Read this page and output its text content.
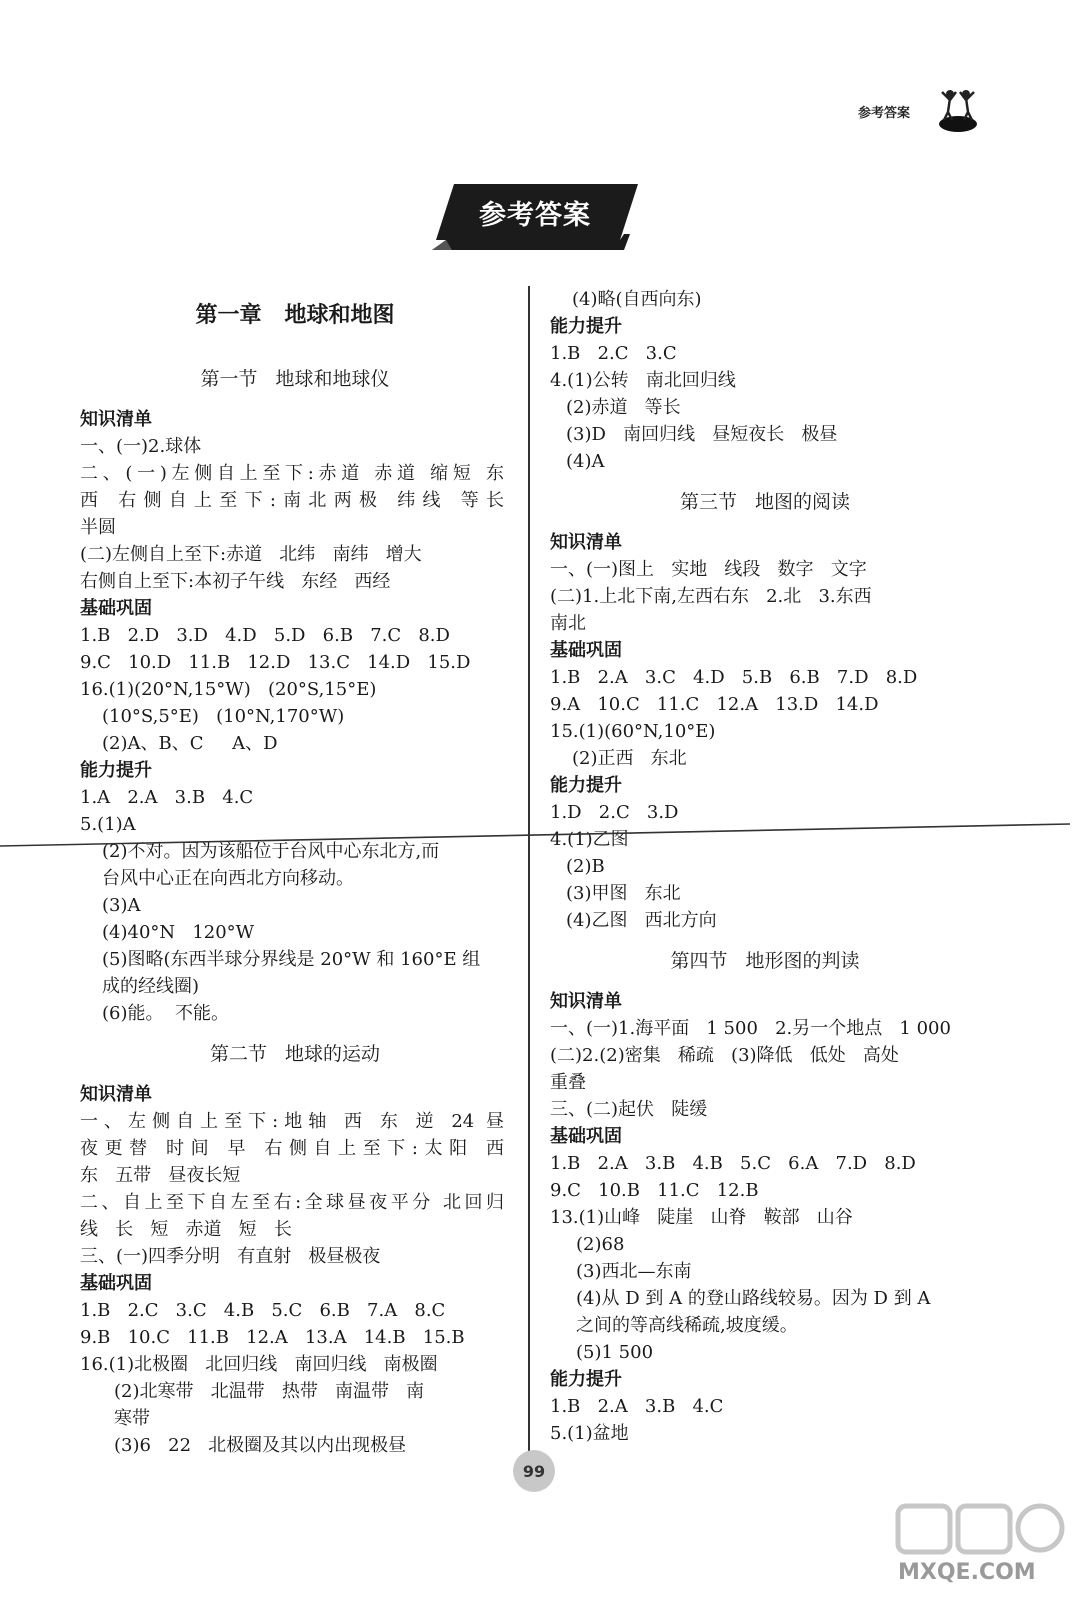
参考答案
参考答案
第一章   地球和地图
第一节   地球和地球仪
知识清单
一、(一)2.球体
二、(一)左侧自上至下:赤道 赤道 缩短 东
西 右侧自上至下:南北两极 纬线 等长
半圆
(二)左侧自上至下:赤道   北纬   南纬   增大
右侧自上至下:本初子午线   东经   西经
基础巩固
1.B   2.D   3.D   4.D   5.D   6.B   7.C   8.D
9.C   10.D   11.B   12.D   13.C   14.D   15.D
16.(1)(20°N,15°W)   (20°S,15°E)
(10°S,5°E)   (10°N,170°W)
(2)A、B、C     A、D
能力提升
1.A   2.A   3.B   4.C
5.(1)A
(2)不对。因为该船位于台风中心东北方,而
台风中心正在向西北方向移动。
(3)A
(4)40°N   120°W
(5)图略(东西半球分界线是 20°W 和 160°E 组
成的经线圈)
(6)能。  不能。
第二节   地球的运动
知识清单
一、左侧自上至下:地轴 西 东 逆 24 昼
夜更替 时间 早 右侧自上至下:太阳 西
东   五带   昼夜长短
二、自上至下自左至右:全球昼夜平分 北回归
线   长   短   赤道   短   长
三、(一)四季分明   有直射   极昼极夜
基础巩固
1.B   2.C   3.C   4.B   5.C   6.B   7.A   8.C
9.B   10.C   11.B   12.A   13.A   14.B   15.B
16.(1)北极圈   北回归线   南回归线   南极圈
(2)北寒带   北温带   热带   南温带   南
寒带
(3)6   22   北极圈及其以内出现极昼
(4)略(自西向东)
能力提升
1.B   2.C   3.C
4.(1)公转   南北回归线
(2)赤道   等长
(3)D   南回归线   昼短夜长   极昼
(4)A
第三节   地图的阅读
知识清单
一、(一)图上   实地   线段   数字   文字
(二)1.上北下南,左西右东   2.北   3.东西
南北
基础巩固
1.B   2.A   3.C   4.D   5.B   6.B   7.D   8.D
9.A   10.C   11.C   12.A   13.D   14.D
15.(1)(60°N,10°E)
(2)正西   东北
能力提升
1.D   2.C   3.D
4.(1)乙图
(2)B
(3)甲图   东北
(4)乙图   西北方向
第四节   地形图的判读
知识清单
一、(一)1.海平面   1 500   2.另一个地点   1 000
(二)2.(2)密集   稀疏   (3)降低   低处   高处
重叠
三、(二)起伏   陡缓
基础巩固
1.B   2.A   3.B   4.B   5.C   6.A   7.D   8.D
9.C   10.B   11.C   12.B
13.(1)山峰   陡崖   山脊   鞍部   山谷
(2)68
(3)西北—东南
(4)从 D 到 A 的登山路线较易。因为 D 到 A
之间的等高线稀疏,坡度缓。
(5)1 500
能力提升
1.B   2.A   3.B   4.C
5.(1)盆地
99
MXQE.COM
